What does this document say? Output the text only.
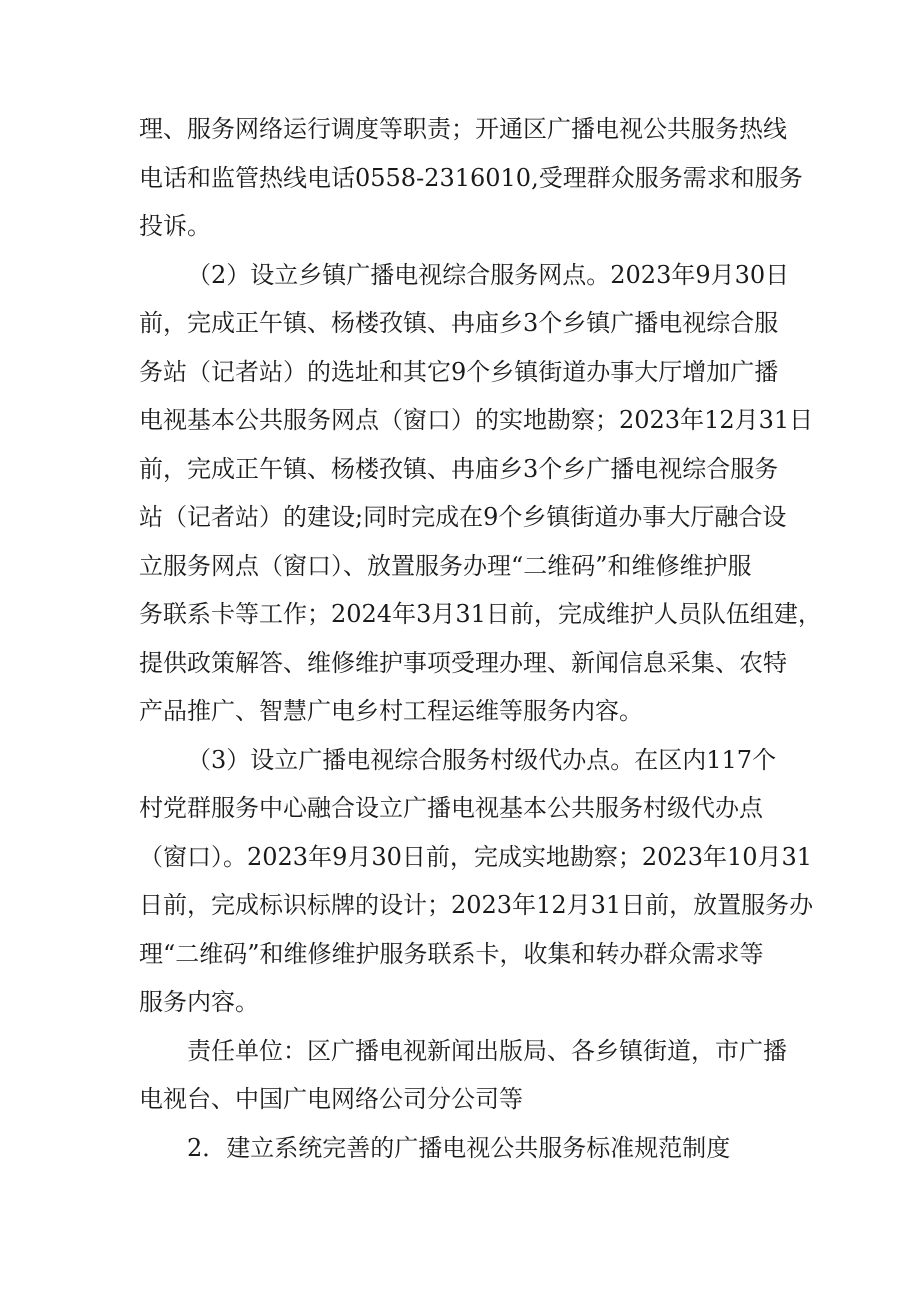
理、服务网络运行调度等职责；开通区广播电视公共服务热线
电话和监管热线电话0558-2316010,受理群众服务需求和服务
投诉。

（2）设立乡镇广播电视综合服务网点。2023年9月30日
前，完成正午镇、杨楼孜镇、冉庙乡3个乡镇广播电视综合服
务站（记者站）的选址和其它9个乡镇街道办事大厅增加广播
电视基本公共服务网点（窗口）的实地勘察；2023年12月31日
前，完成正午镇、杨楼孜镇、冉庙乡3个乡广播电视综合服务
站（记者站）的建设;同时完成在9个乡镇街道办事大厅融合设
立服务网点（窗口）、放置服务办理“二维码”和维修维护服
务联系卡等工作；2024年3月31日前，完成维护人员队伍组建，
提供政策解答、维修维护事项受理办理、新闻信息采集、农特
产品推广、智慧广电乡村工程运维等服务内容。

（3）设立广播电视综合服务村级代办点。在区内117个
村党群服务中心融合设立广播电视基本公共服务村级代办点
（窗口）。2023年9月30日前，完成实地勘察；2023年10月31
日前，完成标识标牌的设计；2023年12月31日前，放置服务办
理“二维码”和维修维护服务联系卡，收集和转办群众需求等
服务内容。

责任单位：区广播电视新闻出版局、各乡镇街道，市广播
电视台、中国广电网络公司分公司等

2．建立系统完善的广播电视公共服务标准规范制度
